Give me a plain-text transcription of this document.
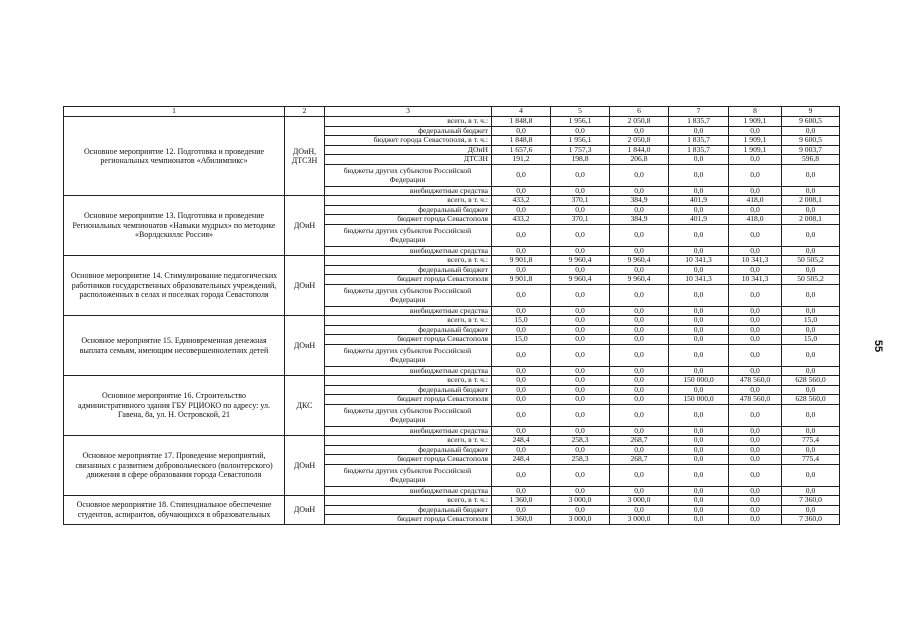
1	2	3	4	5	6	7	8	9
Основное мероприятие 12. Подготовка и проведение региональных чемпионатов «Абилимпикс»	ДОиН, ДТСЗН	всего, в т. ч.:	1 848,8	1 956,1	2 050,8	1 835,7	1 909,1	9 600,5
		федеральный бюджет	0,0	0,0	0,0	0,0	0,0	0,0
		бюджет города Севастополя, в т. ч.:	1 848,8	1 956,1	2 050,8	1 835,7	1 909,1	9 600,5
		ДОиН	1 657,6	1 757,3	1 844,0	1 835,7	1 909,1	9 003,7
		ДТСЗН	191,2	198,8	206,8	0,0	0,0	596,8
		бюджеты других субъектов Российской Федерации	0,0	0,0	0,0	0,0	0,0	0,0
		внебюджетные средства	0,0	0,0	0,0	0,0	0,0	0,0
Основное мероприятие 13. Подготовка и проведение Региональных чемпионатов «Навыки мудрых» по методике «Ворлдскиллс Россия»	ДОиН	всего, в т. ч.:	433,2	370,1	384,9	401,9	418,0	2 008,1
		федеральный бюджет	0,0	0,0	0,0	0,0	0,0	0,0
		бюджет города Севастополя	433,2	370,1	384,9	401,9	418,0	2 008,1
		бюджеты других субъектов Российской Федерации	0,0	0,0	0,0	0,0	0,0	0,0
		внебюджетные средства	0,0	0,0	0,0	0,0	0,0	0,0
Основное мероприятие 14. Стимулирование педагогических работников государственных образовательных учреждений, расположенных в селах и поселках города Севастополя	ДОиН	всего, в т. ч.:	9 901,8	9 960,4	9 960,4	10 341,3	10 341,3	50 505,2
		федеральный бюджет	0,0	0,0	0,0	0,0	0,0	0,0
		бюджет города Севастополя	9 901,8	9 960,4	9 960,4	10 341,3	10 341,3	50 505,2
		бюджеты других субъектов Российской Федерации	0,0	0,0	0,0	0,0	0,0	0,0
		внебюджетные средства	0,0	0,0	0,0	0,0	0,0	0,0
Основное мероприятие 15. Единовременная денежная выплата семьям, имеющим несовершеннолетних детей	ДОиН	всего, в т. ч.:	15,0	0,0	0,0	0,0	0,0	15,0
		федеральный бюджет	0,0	0,0	0,0	0,0	0,0	0,0
		бюджет города Севастополя	15,0	0,0	0,0	0,0	0,0	15,0
		бюджеты других субъектов Российской Федерации	0,0	0,0	0,0	0,0	0,0	0,0
		внебюджетные средства	0,0	0,0	0,0	0,0	0,0	0,0
Основное мероприятие 16. Строительство административного здания ГБУ РЦИОКО по адресу: ул. Гавена, 8а, ул. Н. Островской, 21	ДКС	всего, в т. ч.:	0,0	0,0	0,0	150 000,0	478 560,0	628 560,0
		федеральный бюджет	0,0	0,0	0,0	0,0	0,0	0,0
		бюджет города Севастополя	0,0	0,0	0,0	150 000,0	478 560,0	628 560,0
		бюджеты других субъектов Российской Федерации	0,0	0,0	0,0	0,0	0,0	0,0
		внебюджетные средства	0,0	0,0	0,0	0,0	0,0	0,0
Основное мероприятие 17. Проведение мероприятий, связанных с развитием добровольческого (волонтерского) движения в сфере образования города Севастополя	ДОиН	всего, в т. ч.:	248,4	258,3	268,7	0,0	0,0	775,4
		федеральный бюджет	0,0	0,0	0,0	0,0	0,0	0,0
		бюджет города Севастополя	248,4	258,3	268,7	0,0	0,0	775,4
		бюджеты других субъектов Российской Федерации	0,0	0,0	0,0	0,0	0,0	0,0
		внебюджетные средства	0,0	0,0	0,0	0,0	0,0	0,0
Основное мероприятие 18. Стипендиальное обеспечение студентов, аспирантов, обучающихся в образовательных	ДОиН	всего, в т. ч.:	1 360,0	3 000,0	3 000,0	0,0	0,0	7 360,0
		федеральный бюджет	0,0	0,0	0,0	0,0	0,0	0,0
		бюджет города Севастополя	1 360,0	3 000,0	3 000,0	0,0	0,0	7 360,0
55
